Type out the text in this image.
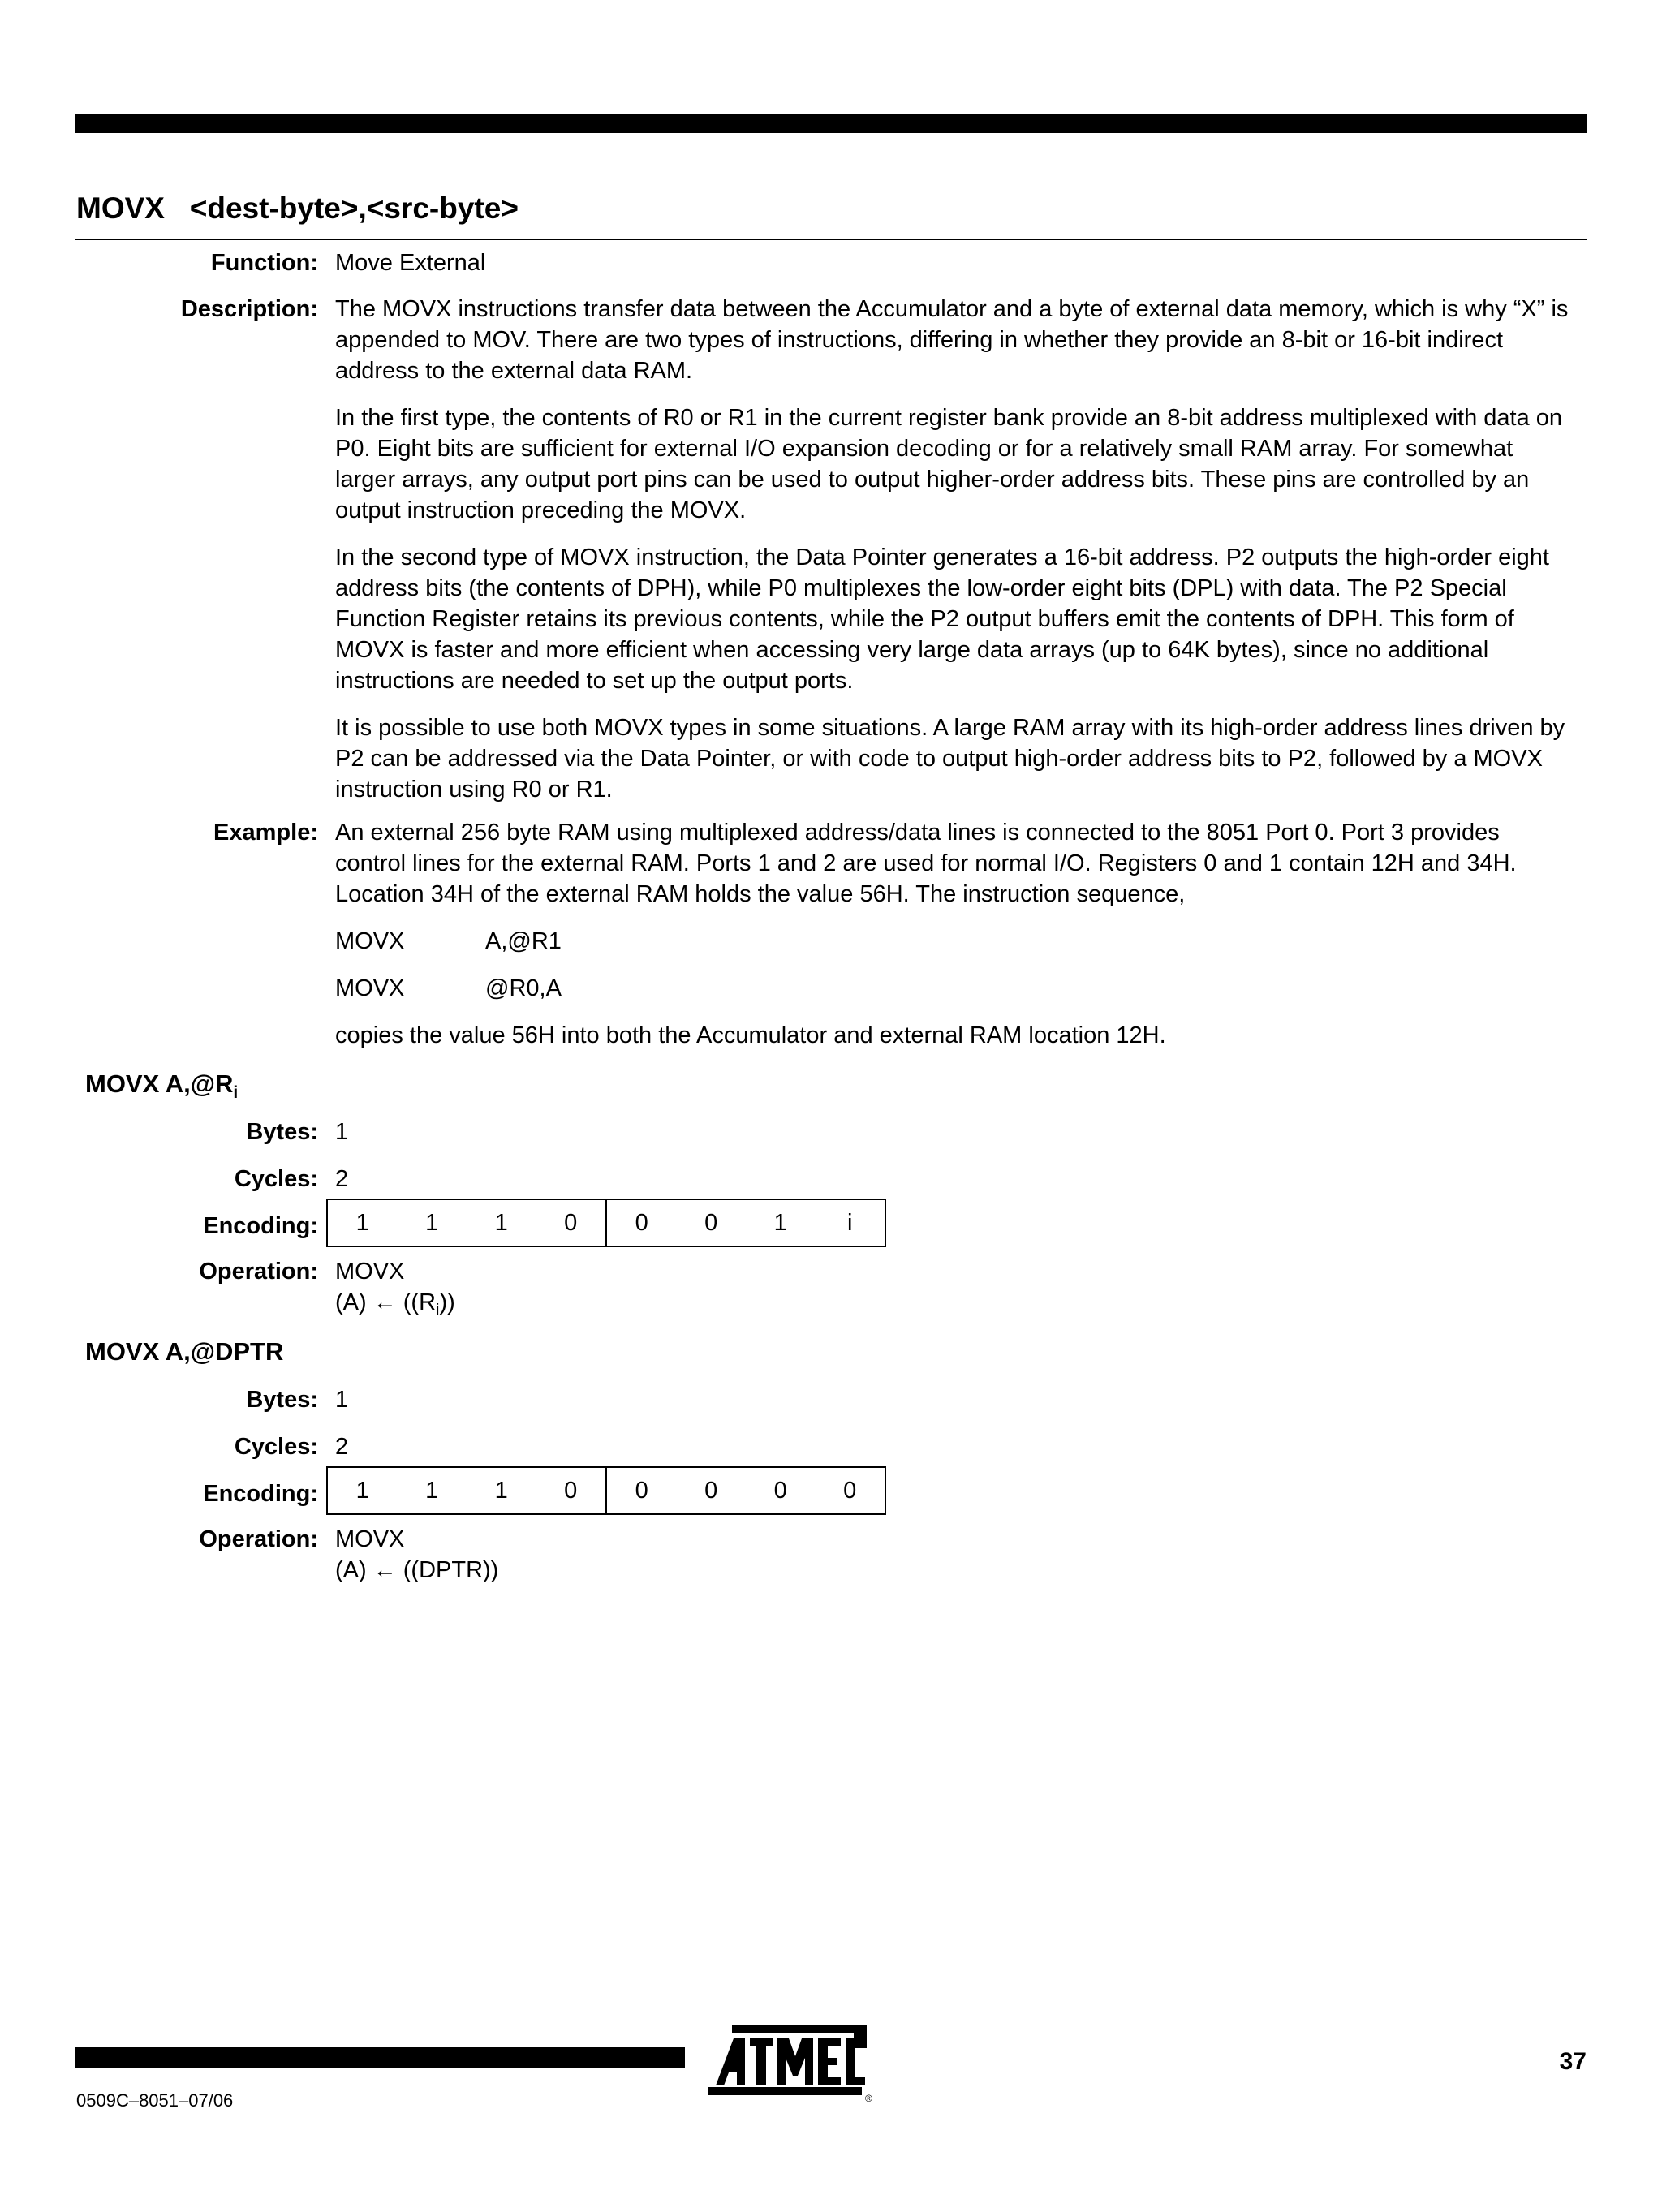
MOVX   <dest-byte>,<src-byte>
Function: Move External
Description: The MOVX instructions transfer data between the Accumulator and a byte of external data memory, which is why “X” is appended to MOV. There are two types of instructions, differing in whether they provide an 8-bit or 16-bit indirect address to the external data RAM.

In the first type, the contents of R0 or R1 in the current register bank provide an 8-bit address multiplexed with data on P0. Eight bits are sufficient for external I/O expansion decoding or for a relatively small RAM array. For somewhat larger arrays, any output port pins can be used to output higher-order address bits. These pins are controlled by an output instruction preceding the MOVX.

In the second type of MOVX instruction, the Data Pointer generates a 16-bit address. P2 outputs the high-order eight address bits (the contents of DPH), while P0 multiplexes the low-order eight bits (DPL) with data. The P2 Special Function Register retains its previous contents, while the P2 output buffers emit the contents of DPH. This form of MOVX is faster and more efficient when accessing very large data arrays (up to 64K bytes), since no additional instructions are needed to set up the output ports.

It is possible to use both MOVX types in some situations. A large RAM array with its high-order address lines driven by P2 can be addressed via the Data Pointer, or with code to output high-order address bits to P2, followed by a MOVX instruction using R0 or R1.

Example: An external 256 byte RAM using multiplexed address/data lines is connected to the 8051 Port 0. Port 3 provides control lines for the external RAM. Ports 1 and 2 are used for normal I/O. Registers 0 and 1 contain 12H and 34H. Location 34H of the external RAM holds the value 56H. The instruction sequence,

MOVX	A,@R1
MOVX	@R0,A

copies the value 56H into both the Accumulator and external RAM location 12H.

MOVX $A,@R_i$
Bytes: 1
Cycles: 2
Encoding:	1	1	1	0	0	0	1	i
Operation: MOVX

(A) ← $((R_i))$

MOVX A,@DPTR
Bytes: 1
Cycles: 2
Encoding:	1	1	1	0	0	0	0	0
Operation: MOVX

(A) ← ((DPTR))

0509C–8051–07/06
37
®
